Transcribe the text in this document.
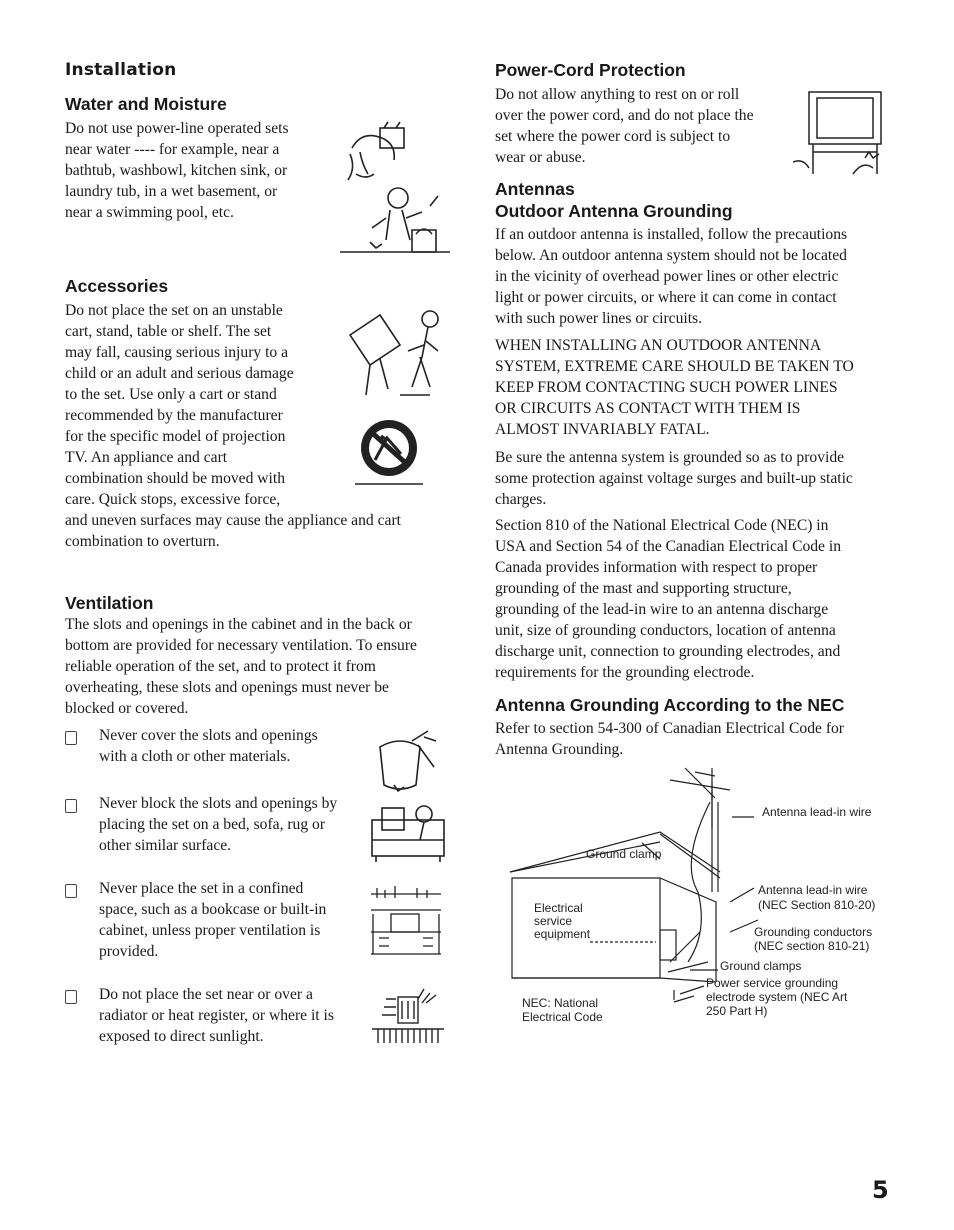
Installation
Water and Moisture
Do not use power-line operated sets
near water ---- for example, near a
bathtub, washbowl, kitchen sink, or
laundry tub, in a wet basement, or
near a swimming pool, etc.
Accessories
Do not place the set on an unstable
cart, stand, table or shelf. The set
may fall, causing serious injury to a
child or an adult and serious damage
to the set. Use only a cart or stand
recommended by the manufacturer
for the specific model of projection
TV. An appliance and cart
combination should be moved with
care. Quick stops, excessive force,
and uneven surfaces may cause the appliance and cart
combination to overturn.
Ventilation
The slots and openings in the cabinet and in the back or
bottom are provided for necessary ventilation. To ensure
reliable operation of the set, and to protect it from
overheating, these slots and openings must never be
blocked or covered.
Never cover the slots and openings
with a cloth or other materials.
Never block the slots and openings by
placing the set on a bed, sofa, rug or
other similar surface.
Never place the set in a confined
space, such as a bookcase or built-in
cabinet, unless proper ventilation is
provided.
Do not place the set near or over a
radiator or heat register, or where it is
exposed to direct sunlight.
Power-Cord Protection
Do not allow anything to rest on or roll
over the power cord, and do not place the
set where the power cord is subject to
wear or abuse.
Antennas
Outdoor Antenna Grounding
If an outdoor antenna is installed, follow the precautions
below. An outdoor antenna system should not be located
in the vicinity of overhead power lines or other electric
light or power circuits, or where it can come in contact
with such power lines or circuits.
WHEN INSTALLING AN OUTDOOR ANTENNA
SYSTEM, EXTREME CARE SHOULD BE TAKEN TO
KEEP FROM CONTACTING SUCH POWER LINES
OR CIRCUITS AS CONTACT WITH THEM IS
ALMOST INVARIABLY FATAL.
Be sure the antenna system is grounded so as to provide
some protection against voltage surges and built-up static
charges.
Section 810 of the National Electrical Code (NEC) in
USA and Section 54 of the Canadian Electrical Code in
Canada provides information with respect to proper
grounding of the mast and supporting structure,
grounding of the lead-in wire to an antenna discharge
unit, size of grounding conductors, location of antenna
discharge unit, connection to grounding electrodes, and
requirements for the grounding electrode.
Antenna Grounding According to the NEC
Refer to section 54-300 of Canadian Electrical Code for
Antenna Grounding.
Antenna lead-in wire
Ground clamp
Antenna lead-in wire
(NEC Section 810-20)
Electrical
service
equipment	Grounding conductors
(NEC section 810-21)
Ground clamps
Power service grounding
electrode system (NEC Art
250 Part H)
NEC: National
Electrical Code
5
